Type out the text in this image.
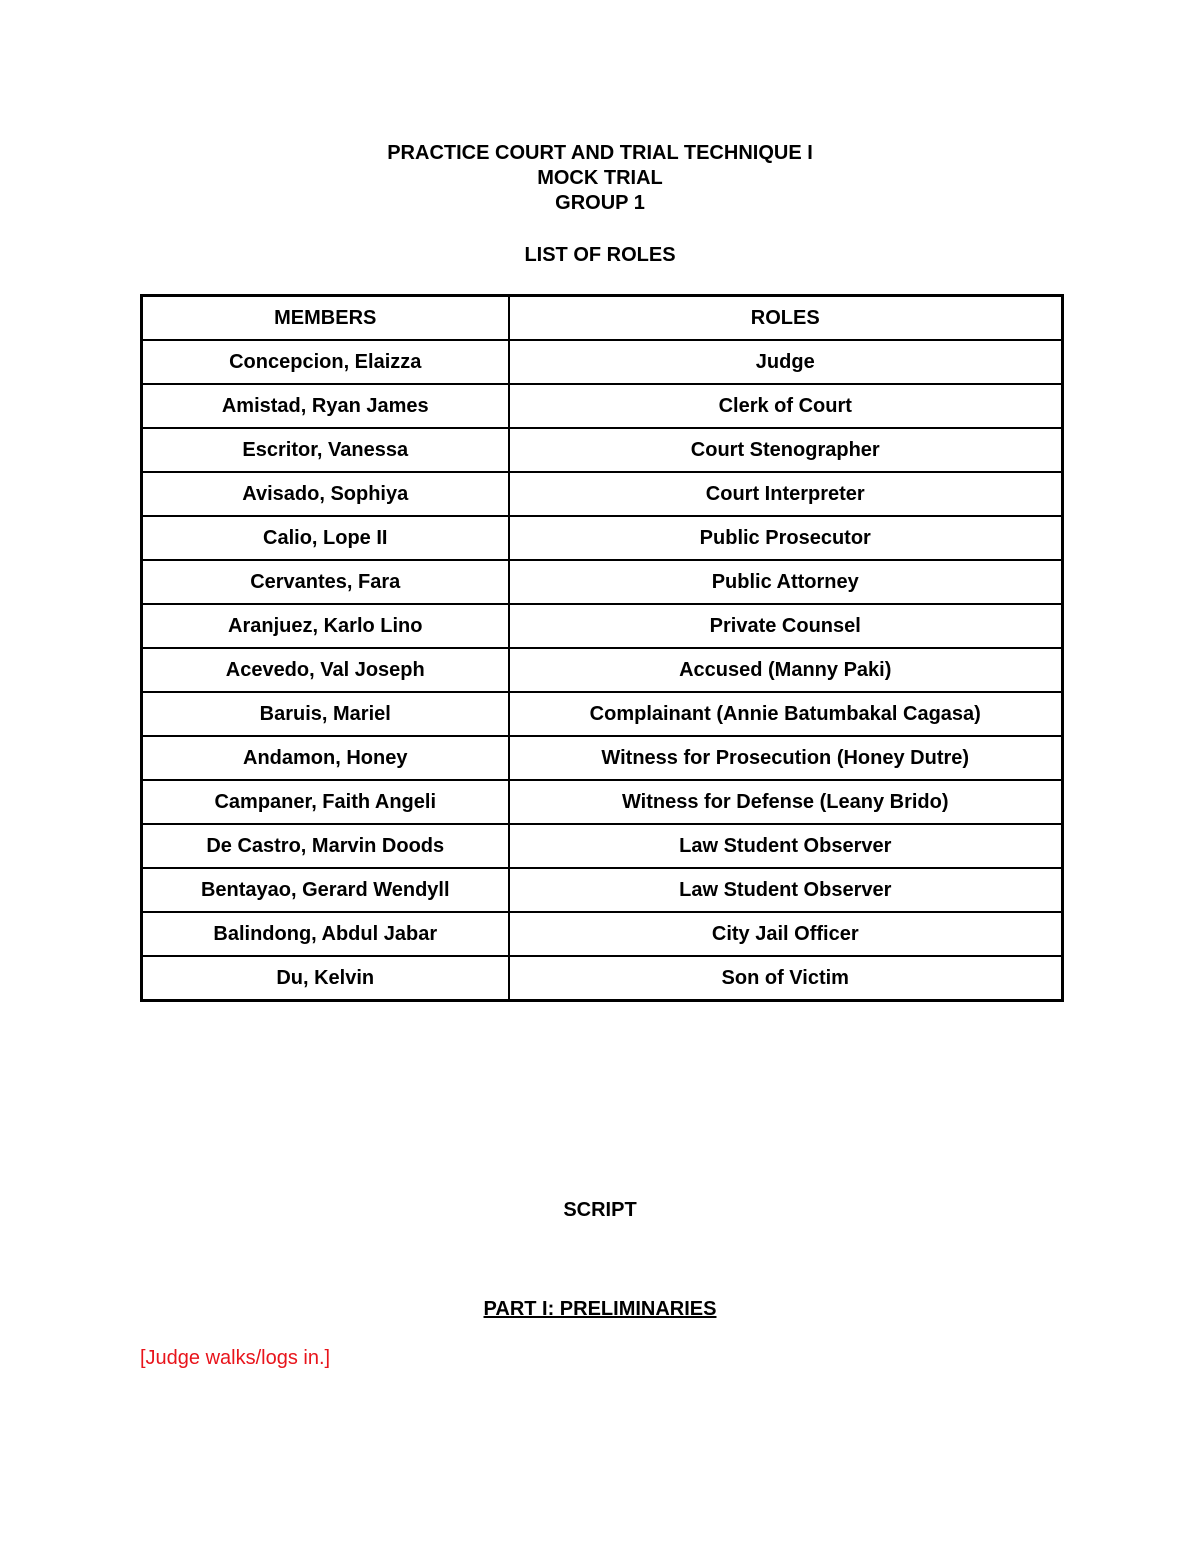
PRACTICE COURT AND TRIAL TECHNIQUE I
MOCK TRIAL
GROUP 1
LIST OF ROLES
MEMBERS	ROLES
Concepcion, Elaizza	Judge
Amistad, Ryan James	Clerk of Court
Escritor, Vanessa	Court Stenographer
Avisado, Sophiya	Court Interpreter
Calio, Lope II	Public Prosecutor
Cervantes, Fara	Public Attorney
Aranjuez, Karlo Lino	Private Counsel
Acevedo, Val Joseph	Accused (Manny Paki)
Baruis, Mariel	Complainant (Annie Batumbakal Cagasa)
Andamon, Honey	Witness for Prosecution (Honey Dutre)
Campaner, Faith Angeli	Witness for Defense (Leany Brido)
De Castro, Marvin Doods	Law Student Observer
Bentayao, Gerard Wendyll	Law Student Observer
Balindong, Abdul Jabar	City Jail Officer
Du, Kelvin	Son of Victim
SCRIPT
PART I: PRELIMINARIES
[Judge walks/logs in.]
